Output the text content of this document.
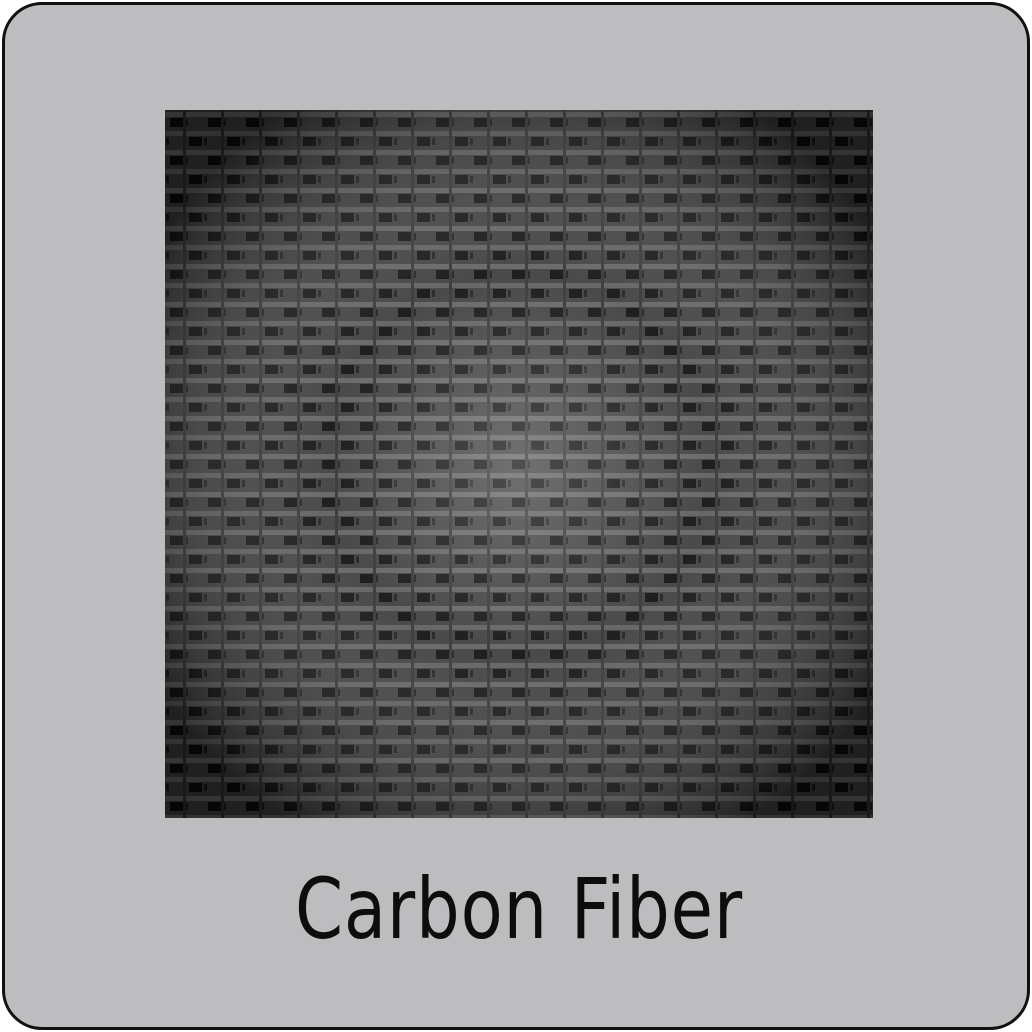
Carbon Fiber
